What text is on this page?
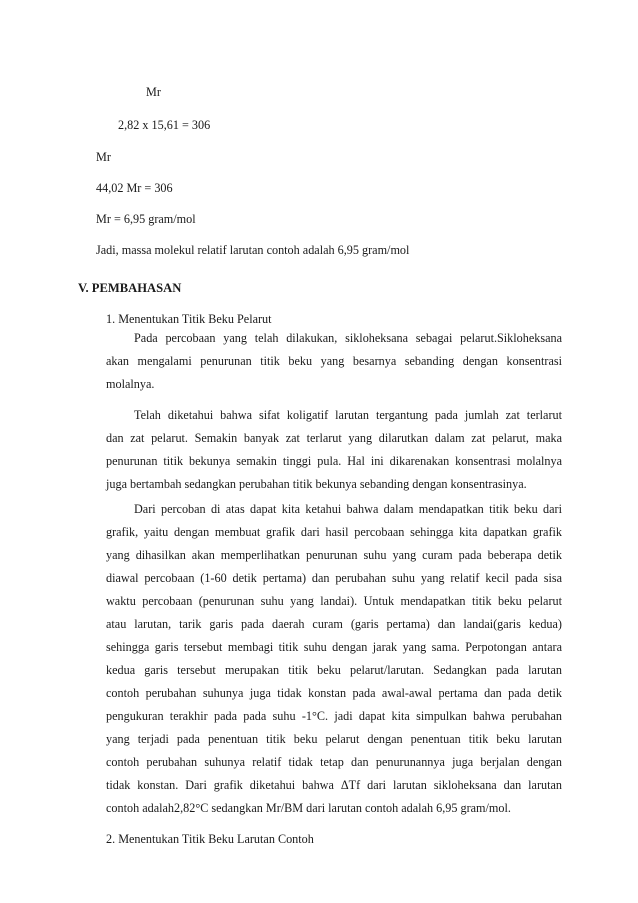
Mr
2,82 x 15,61 = 306
Mr
44,02 Mr = 306
Mr = 6,95 gram/mol
Jadi, massa molekul relatif larutan contoh adalah 6,95 gram/mol
V. PEMBAHASAN
1. Menentukan Titik Beku Pelarut
Pada percobaan yang telah dilakukan, sikloheksana sebagai pelarut.Sikloheksana
akan mengalami penurunan titik beku yang besarnya sebanding dengan konsentrasi
molalnya.
Telah diketahui bahwa sifat koligatif larutan tergantung pada jumlah zat terlarut
dan zat pelarut. Semakin banyak zat terlarut yang dilarutkan dalam zat pelarut, maka
penurunan titik bekunya semakin tinggi pula. Hal ini dikarenakan konsentrasi molalnya
juga bertambah sedangkan perubahan titik bekunya sebanding dengan konsentrasinya.
Dari percoban di atas dapat kita ketahui bahwa dalam mendapatkan titik beku dari
grafik, yaitu dengan membuat grafik dari hasil percobaan sehingga kita dapatkan grafik
yang dihasilkan akan memperlihatkan penurunan suhu yang curam pada beberapa detik
diawal percobaan (1-60 detik pertama) dan perubahan suhu yang relatif kecil pada sisa
waktu percobaan (penurunan suhu yang landai). Untuk mendapatkan titik beku pelarut
atau larutan, tarik garis pada daerah curam (garis pertama) dan landai(garis kedua)
sehingga garis tersebut membagi titik suhu dengan jarak yang sama. Perpotongan antara
kedua garis tersebut merupakan titik beku pelarut/larutan. Sedangkan pada larutan
contoh perubahan suhunya juga tidak konstan pada awal-awal pertama dan pada detik
pengukuran terakhir pada pada suhu -1°C. jadi dapat kita simpulkan bahwa perubahan
yang terjadi pada penentuan titik beku pelarut dengan penentuan titik beku larutan
contoh perubahan suhunya relatif tidak tetap dan penurunannya juga berjalan dengan
tidak konstan. Dari grafik diketahui bahwa ΔTf dari larutan sikloheksana dan larutan
contoh adalah2,82°C sedangkan Mr/BM dari larutan contoh adalah 6,95 gram/mol.
2. Menentukan Titik Beku Larutan Contoh
